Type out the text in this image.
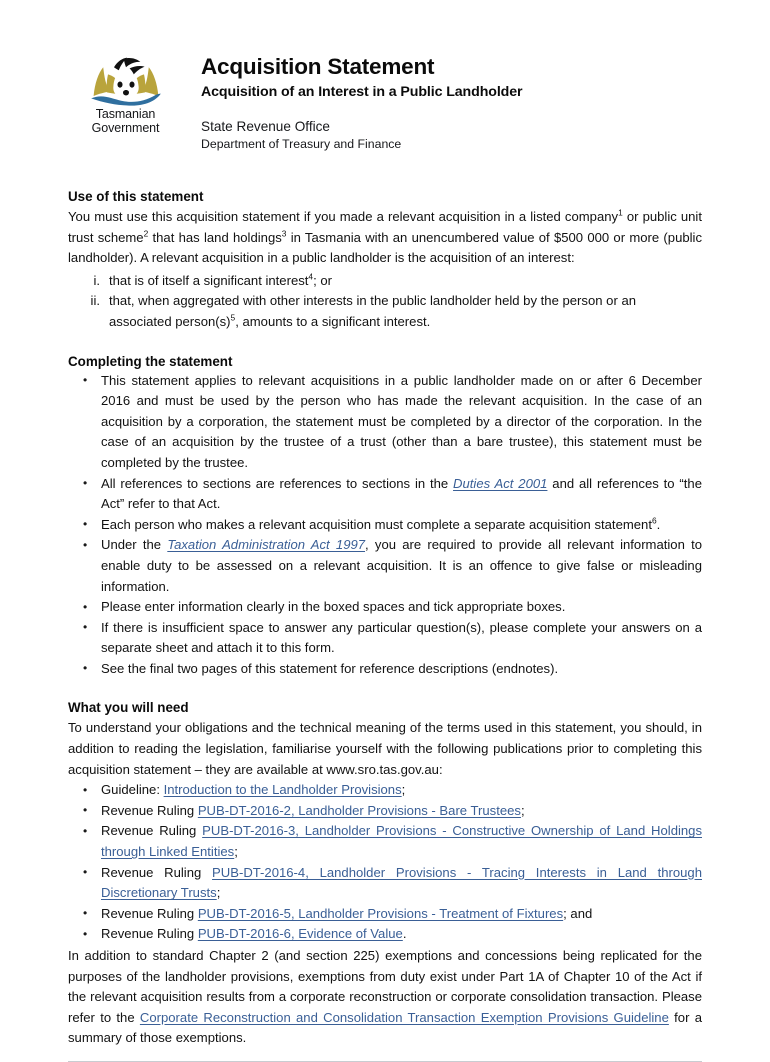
Tasmanian
Government
Acquisition Statement
Acquisition of an Interest in a Public Landholder
State Revenue Office
Department of Treasury and Finance
Use of this statement

You must use this acquisition statement if you made a relevant acquisition in a listed company$^1$ or public unit trust scheme$^2$ that has land holdings$^3$ in Tasmania with an unencumbered value of $500 000 or more (public landholder). A relevant acquisition in a public landholder is the acquisition of an interest:

i. that is of itself a significant interest$^4$; or
ii. that, when aggregated with other interests in the public landholder held by the person or an associated $person(s)^5$, amounts to a significant interest.
Completing the statement
• This statement applies to relevant acquisitions in a public landholder made on or after 6 December 2016 and must be used by the person who has made the relevant acquisition. In the case of an acquisition by a corporation, the statement must be completed by a director of the corporation. In the case of an acquisition by the trustee of a trust (other than a bare trustee), this statement must be completed by the trustee.
• All references to sections are references to sections in the Duties Act 2001 and all references to “the Act” refer to that Act.
• Each person who makes a relevant acquisition must complete a separate acquisition statement$^6$.
• Under the Taxation Administration Act 1997, you are required to provide all relevant information to enable duty to be assessed on a relevant acquisition. It is an offence to give false or misleading information.
• Please enter information clearly in the boxed spaces and tick appropriate boxes.
• If there is insufficient space to answer any particular question(s), please complete your answers on a separate sheet and attach it to this form.
• See the final two pages of this statement for reference descriptions (endnotes).
What you will need

To understand your obligations and the technical meaning of the terms used in this statement, you should, in addition to reading the legislation, familiarise yourself with the following publications prior to completing this acquisition statement – they are available at www.sro.tas.gov.au:

• Guideline: Introduction to the Landholder Provisions;
• Revenue Ruling PUB-DT-2016-2, Landholder Provisions - Bare Trustees;
• Revenue Ruling PUB-DT-2016-3, Landholder Provisions - Constructive Ownership of Land Holdings through Linked Entities;
• Revenue Ruling PUB-DT-2016-4, Landholder Provisions - Tracing Interests in Land through Discretionary Trusts;
• Revenue Ruling PUB-DT-2016-5, Landholder Provisions - Treatment of Fixtures; and
• Revenue Ruling PUB-DT-2016-6, Evidence of Value.

In addition to standard Chapter 2 (and section 225) exemptions and concessions being replicated for the purposes of the landholder provisions, exemptions from duty exist under Part 1A of Chapter 10 of the Act if the relevant acquisition results from a corporate reconstruction or corporate consolidation transaction. Please refer to the Corporate Reconstruction and Consolidation Transaction Exemption Provisions Guideline for a summary of those exemptions.
